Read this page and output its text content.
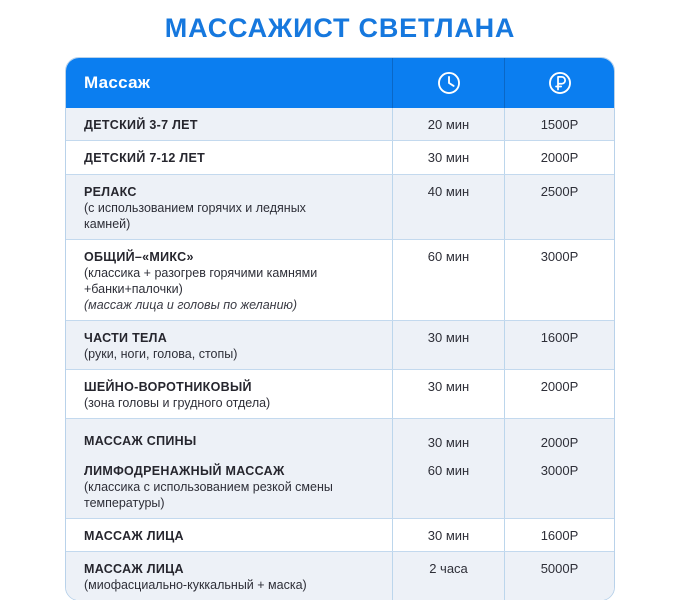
МАССАЖИСТ СВЕТЛАНА
Массаж
ДЕТСКИЙ 3-7 ЛЕТ	20 мин	1500Р
ДЕТСКИЙ 7-12 ЛЕТ	30 мин	2000Р
РЕЛАКС
(с использованием горячих и ледяных камней)
40 мин	2500Р
ОБЩИЙ–«МИКС»
(классика + разогрев горячими камнями +банки+палочки)
(массаж лица и головы по желанию)
60 мин	3000Р
ЧАСТИ ТЕЛА
(руки, ноги, голова, стопы)
30 мин	1600Р
ШЕЙНО-ВОРОТНИКОВЫЙ
(зона головы и грудного отдела)
30 мин	2000Р
МАССАЖ СПИНЫ	30 мин	2000Р
ЛИМФОДРЕНАЖНЫЙ МАССАЖ
(классика с использованием резкой смены температуры)
60 мин	3000Р
МАССАЖ ЛИЦА	30 мин	1600Р
МАССАЖ ЛИЦА
(миофасциально-куккальный + маска)
2 часа	5000Р
